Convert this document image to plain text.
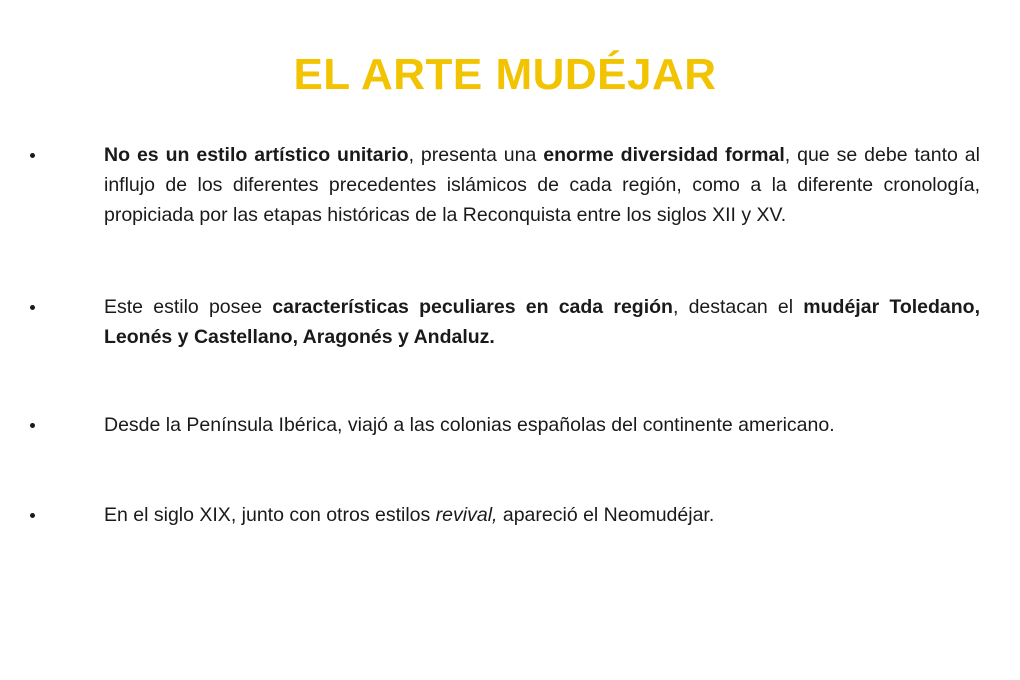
EL ARTE MUDÉJAR
No es un estilo artístico unitario, presenta una enorme diversidad formal, que se debe tanto al influjo de los diferentes precedentes islámicos de cada región, como a la diferente cronología, propiciada por las etapas históricas de la Reconquista entre los siglos XII y XV.
Este estilo posee características peculiares en cada región, destacan el mudéjar Toledano, Leonés y Castellano, Aragonés y Andaluz.
Desde la Península Ibérica, viajó a las colonias españolas del continente americano.
En el siglo XIX, junto con otros estilos revival, apareció el Neomudéjar.
